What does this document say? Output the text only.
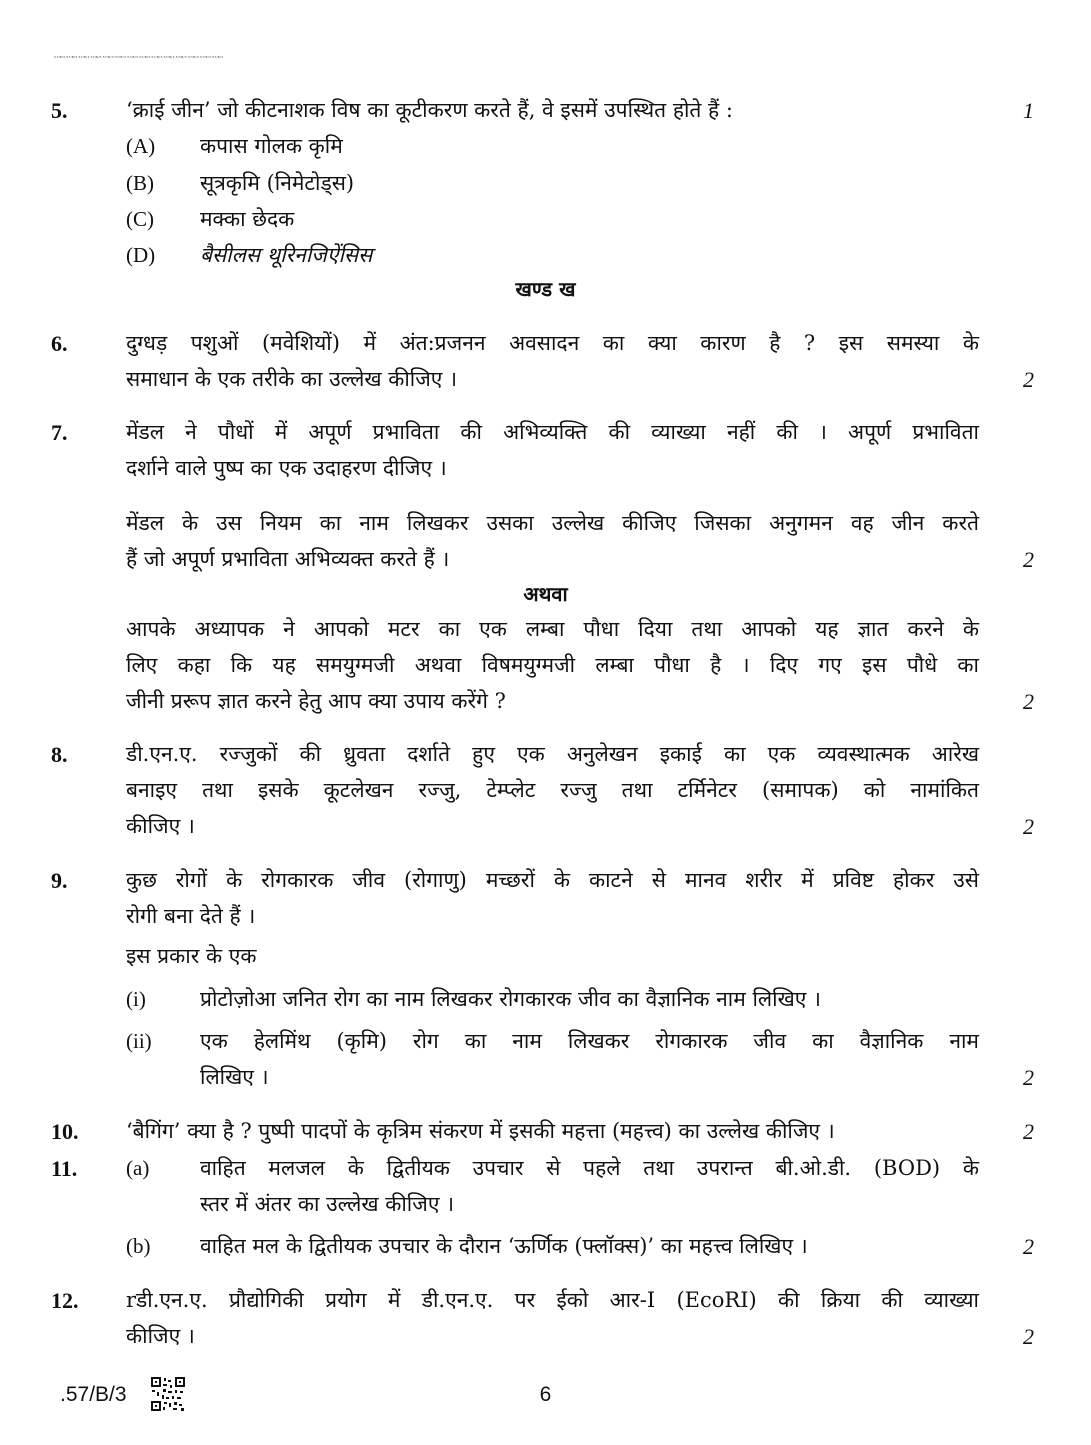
·57/B/3·57/B/3·57/B/3·57/B/3·57/B/3·57/B/3·57/B/3·57/B/3·57/B/3·57/B/3·57/B/3·57/B/3·57/B/3·57/B/3
5.	‘क्राई जीन’ जो कीटनाशक विष का कूटीकरण करते हैं, वे इसमें उपस्थित होते हैं :	1
(A) कपास गोलक कृमि
(B) सूत्रकृमि (निमेटोड्स)
(C) मक्का छेदक
(D) बैसीलस थूरिनजिऐंसिस
खण्ड ख
6.	दुग्धड़ पशुओं (मवेशियों) में अंत:प्रजनन अवसादन का क्या कारण है ? इस समस्या के
समाधान के एक तरीके का उल्लेख कीजिए ।	2
7.	मेंडल ने पौधों में अपूर्ण प्रभाविता की अभिव्यक्ति की व्याख्या नहीं की । अपूर्ण प्रभाविता
दर्शाने वाले पुष्प का एक उदाहरण दीजिए ।
मेंडल के उस नियम का नाम लिखकर उसका उल्लेख कीजिए जिसका अनुगमन वह जीन करते
हैं जो अपूर्ण प्रभाविता अभिव्यक्त करते हैं ।	2
अथवा
आपके अध्यापक ने आपको मटर का एक लम्बा पौधा दिया तथा आपको यह ज्ञात करने के
लिए कहा कि यह समयुग्मजी अथवा विषमयुग्मजी लम्बा पौधा है । दिए गए इस पौधे का
जीनी प्ररूप ज्ञात करने हेतु आप क्या उपाय करेंगे ?	2
8.	डी.एन.ए. रज्जुकों की ध्रुवता दर्शाते हुए एक अनुलेखन इकाई का एक व्यवस्थात्मक आरेख
बनाइए तथा इसके कूटलेखन रज्जु, टेम्प्लेट रज्जु तथा टर्मिनेटर (समापक) को नामांकित
कीजिए ।	2
9.	कुछ रोगों के रोगकारक जीव (रोगाणु) मच्छरों के काटने से मानव शरीर में प्रविष्ट होकर उसे
रोगी बना देते हैं ।
इस प्रकार के एक
(i)	प्रोटोज़ोआ जनित रोग का नाम लिखकर रोगकारक जीव का वैज्ञानिक नाम लिखिए ।
(ii) एक हेलमिंथ (कृमि) रोग का नाम लिखकर रोगकारक जीव का वैज्ञानिक नाम
लिखिए ।	2
10. ‘बैगिंग’ क्या है ? पुष्पी पादपों के कृत्रिम संकरण में इसकी महत्ता (महत्त्व) का उल्लेख कीजिए ।	2
11. (a) वाहित मलजल के द्वितीयक उपचार से पहले तथा उपरान्त बी.ओ.डी. (BOD) के
स्तर में अंतर का उल्लेख कीजिए ।
(b) वाहित मल के द्वितीयक उपचार के दौरान ‘ऊर्णिक (फ्लॉक्स)’ का महत्त्व लिखिए ।	2
12. rडी.एन.ए. प्रौद्योगिकी प्रयोग में डी.एन.ए. पर ईको आर-I (EcoRI) की क्रिया की व्याख्या
कीजिए ।	2
.57/B/3	6
